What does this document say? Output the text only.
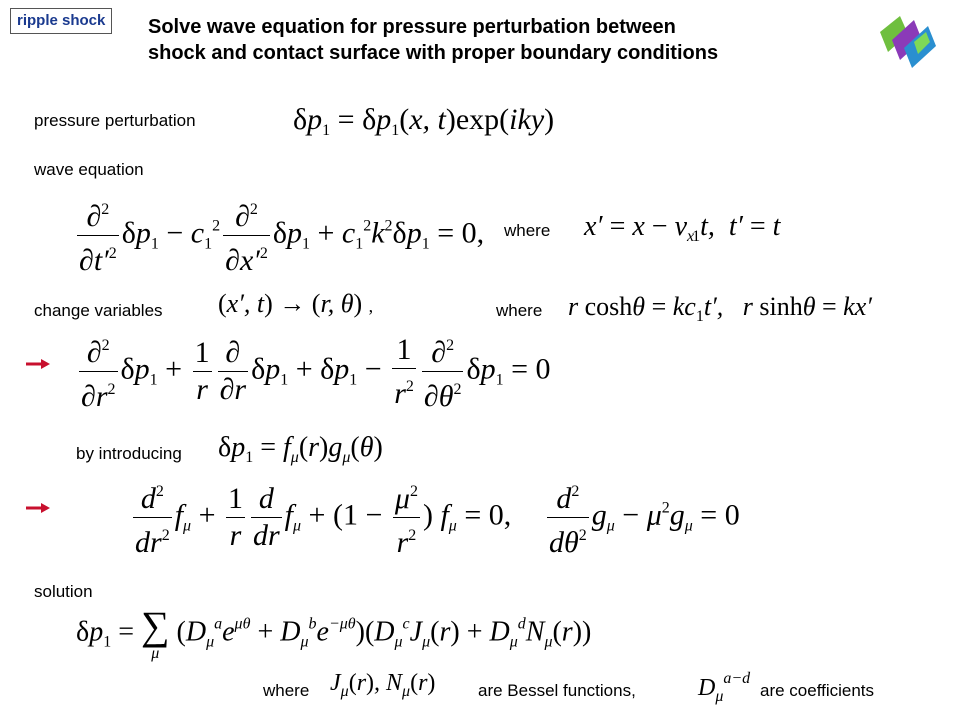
ripple shock	Solve wave equation for pressure perturbation between
shock and contact surface with proper boundary conditions
pressure perturbation	$\delta p_1 = \delta p_1(x$, t)exp(iky)
wave equation
$\frac{\partial^2}{\partial t'^2} \delta p_1 - c_1^2 \frac{\partial^2}{\partial x'^2} \delta p_1 + c_1^2k^2\delta p_1 = 0$, where $x' = x - v_{x1}t$,  t′ = t
change variables (x′, t) → (r, θ) ,	where r $\cosh\theta = kc_1t'$,   r sinhθ = kx′
$\frac{\partial^2}{\partial r^2} \delta p_1 + \frac{1}{r} \frac{\partial}{\partial r} \delta p_1 + \delta p_1 - \frac{1}{r^2} \frac{\partial^2}{\partial\theta^2} \delta p_1 = 0$
by introducing $\delta p_1 = f_\mu(r)g_\mu(\theta)$
$\frac{d^2}{dr^2} f_\mu + \frac{1}{r} \frac{d}{dr} f_\mu + (1 - \frac{\mu^2}{r^2}$ ) $f_\mu = 0$, $\frac{d^2}{d\theta^2} g_\mu - \mu^2g_\mu = 0$
solution
$\delta p_1$ = ∑
μ
$(D_\mu^ae^{\mu\theta} + D_\mu^be^{-\mu\theta})(D_\mu^cJ_\mu(r) + D_\mu^dN_\mu(r))$
where $J_\mu(r)$, $N_\mu(r)$	are Bessel functions,	$D_\mu^{a-d}$
are coefficients
